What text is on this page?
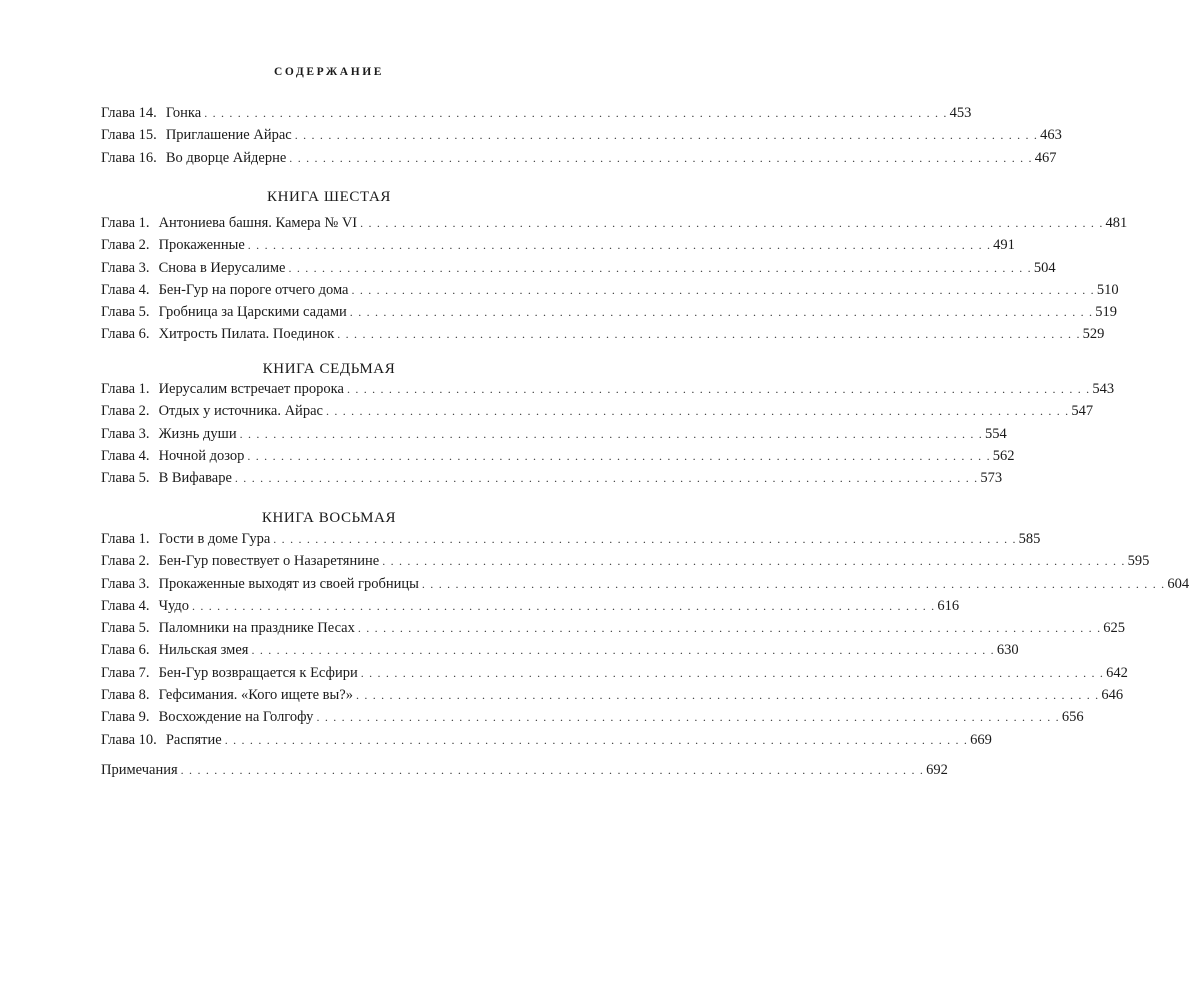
СОДЕРЖАНИЕ
Глава 14. Гонка . . .	453
Глава 15. Приглашение Айрас . . .	463
Глава 16. Во дворце Айдерне . . .	467
КНИГА ШЕСТАЯ
Глава 1. Антониева башня. Камера № VI . . .	481
Глава 2. Прокаженные . . .	491
Глава 3. Снова в Иерусалиме . . .	504
Глава 4. Бен-Гур на пороге отчего дома . . .	510
Глава 5. Гробница за Царскими садами . . .	519
Глава 6. Хитрость Пилата. Поединок . . .	529
КНИГА СЕДЬМАЯ
Глава 1. Иерусалим встречает пророка . . .	543
Глава 2. Отдых у источника. Айрас . . .	547
Глава 3. Жизнь души . . .	554
Глава 4. Ночной дозор . . .	562
Глава 5. В Вифаваре . . .	573
КНИГА ВОСЬМАЯ
Глава 1. Гости в доме Гура . . .	585
Глава 2. Бен-Гур повествует о Назаретянине . . .	595
Глава 3. Прокаженные выходят из своей гробницы . . .	604
Глава 4. Чудо . . .	616
Глава 5. Паломники на празднике Песах . . .	625
Глава 6. Нильская змея . . .	630
Глава 7. Бен-Гур возвращается к Есфири . . .	642
Глава 8. Гефсимания. «Кого ищете вы?» . . .	646
Глава 9. Восхождение на Голгофу . . .	656
Глава 10. Распятие . . .	669
Примечания . . .	692
